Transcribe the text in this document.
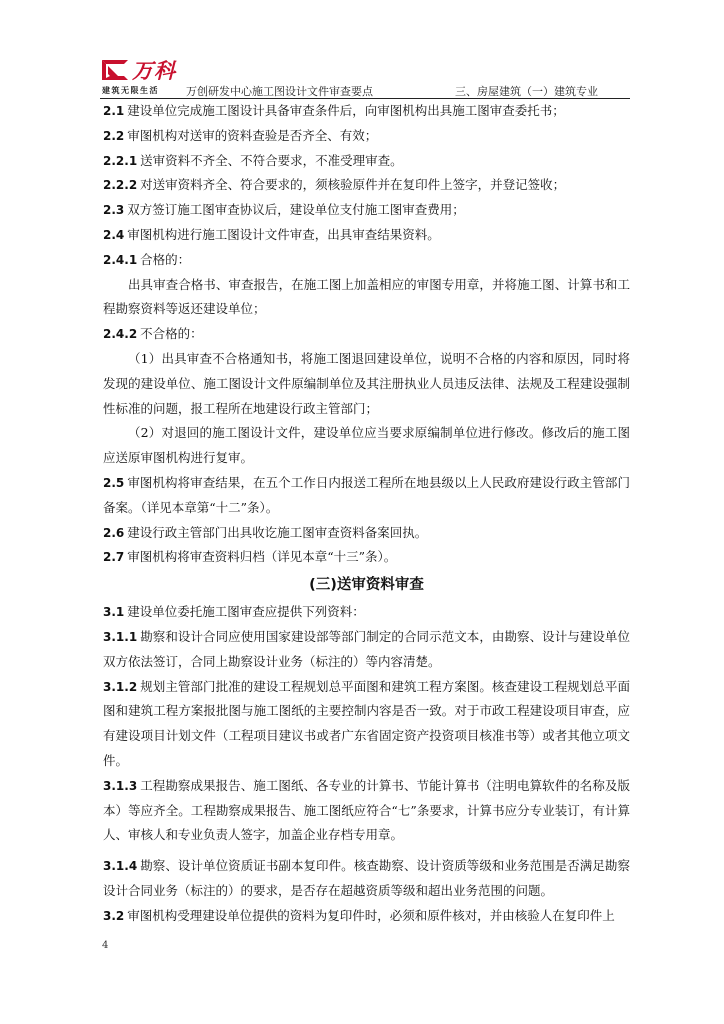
万科
建筑无限生活 万创研发中心施工图设计文件审查要点	三、房屋建筑（一）建筑专业

2.1 建设单位完成施工图设计具备审查条件后，向审图机构出具施工图审查委托书；

2.2 审图机构对送审的资料查验是否齐全、有效；

2.2.1 送审资料不齐全、不符合要求，不准受理审查。

2.2.2 对送审资料齐全、符合要求的，须核验原件并在复印件上签字，并登记签收；

2.3 双方签订施工图审查协议后，建设单位支付施工图审查费用；

2.4 审图机构进行施工图设计文件审查，出具审查结果资料。

2.4.1 合格的：

出具审查合格书、审查报告，在施工图上加盖相应的审图专用章，并将施工图、计算书和工程勘察资料等返还建设单位；

2.4.2 不合格的：

（1）出具审查不合格通知书，将施工图退回建设单位，说明不合格的内容和原因，同时将发现的建设单位、施工图设计文件原编制单位及其注册执业人员违反法律、法规及工程建设强制性标准的问题，报工程所在地建设行政主管部门；

（2）对退回的施工图设计文件，建设单位应当要求原编制单位进行修改。修改后的施工图应送原审图机构进行复审。

2.5 审图机构将审查结果，在五个工作日内报送工程所在地县级以上人民政府建设行政主管部门备案。（详见本章第“十二”条）。

2.6 建设行政主管部门出具收讫施工图审查资料备案回执。

2.7 审图机构将审查资料归档（详见本章“十三”条）。

(三)送审资料审查

3.1 建设单位委托施工图审查应提供下列资料：

3.1.1 勘察和设计合同应使用国家建设部等部门制定的合同示范文本，由勘察、设计与建设单位双方依法签订，合同上勘察设计业务（标注的）等内容清楚。

3.1.2 规划主管部门批准的建设工程规划总平面图和建筑工程方案图。核查建设工程规划总平面图和建筑工程方案报批图与施工图纸的主要控制内容是否一致。对于市政工程建设项目审查，应有建设项目计划文件（工程项目建议书或者广东省固定资产投资项目核准书等）或者其他立项文件。

3.1.3 工程勘察成果报告、施工图纸、各专业的计算书、节能计算书（注明电算软件的名称及版本）等应齐全。工程勘察成果报告、施工图纸应符合“七”条要求，计算书应分专业装订，有计算人、审核人和专业负责人签字，加盖企业存档专用章。

3.1.4 勘察、设计单位资质证书副本复印件。核查勘察、设计资质等级和业务范围是否满足勘察设计合同业务（标注的）的要求，是否存在超越资质等级和超出业务范围的问题。

3.2 审图机构受理建设单位提供的资料为复印件时，必须和原件核对，并由核验人在复印件上

4
